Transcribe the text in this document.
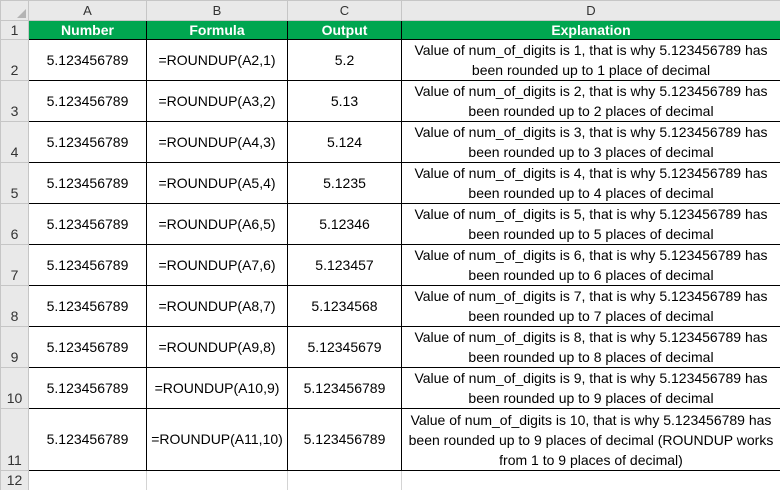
	A	B	C	D
1	Number	Formula	Output	Explanation
2	5.123456789	=ROUNDUP(A2,1)	5.2	Value of num_of_digits is 1, that is why 5.123456789 has been rounded up to 1 place of decimal
3	5.123456789	=ROUNDUP(A3,2)	5.13	Value of num_of_digits is 2, that is why 5.123456789 has been rounded up to 2 places of decimal
4	5.123456789	=ROUNDUP(A4,3)	5.124	Value of num_of_digits is 3, that is why 5.123456789 has been rounded up to 3 places of decimal
5	5.123456789	=ROUNDUP(A5,4)	5.1235	Value of num_of_digits is 4, that is why 5.123456789 has been rounded up to 4 places of decimal
6	5.123456789	=ROUNDUP(A6,5)	5.12346	Value of num_of_digits is 5, that is why 5.123456789 has been rounded up to 5 places of decimal
7	5.123456789	=ROUNDUP(A7,6)	5.123457	Value of num_of_digits is 6, that is why 5.123456789 has been rounded up to 6 places of decimal
8	5.123456789	=ROUNDUP(A8,7)	5.1234568	Value of num_of_digits is 7, that is why 5.123456789 has been rounded up to 7 places of decimal
9	5.123456789	=ROUNDUP(A9,8)	5.12345679	Value of num_of_digits is 8, that is why 5.123456789 has been rounded up to 8 places of decimal
10	5.123456789	=ROUNDUP(A10,9)	5.123456789	Value of num_of_digits is 9, that is why 5.123456789 has been rounded up to 9 places of decimal
11	5.123456789	=ROUNDUP(A11,10)	5.123456789	Value of num_of_digits is 10, that is why 5.123456789 has been rounded up to 9 places of decimal (ROUNDUP works from 1 to 9 places of decimal)
12				
